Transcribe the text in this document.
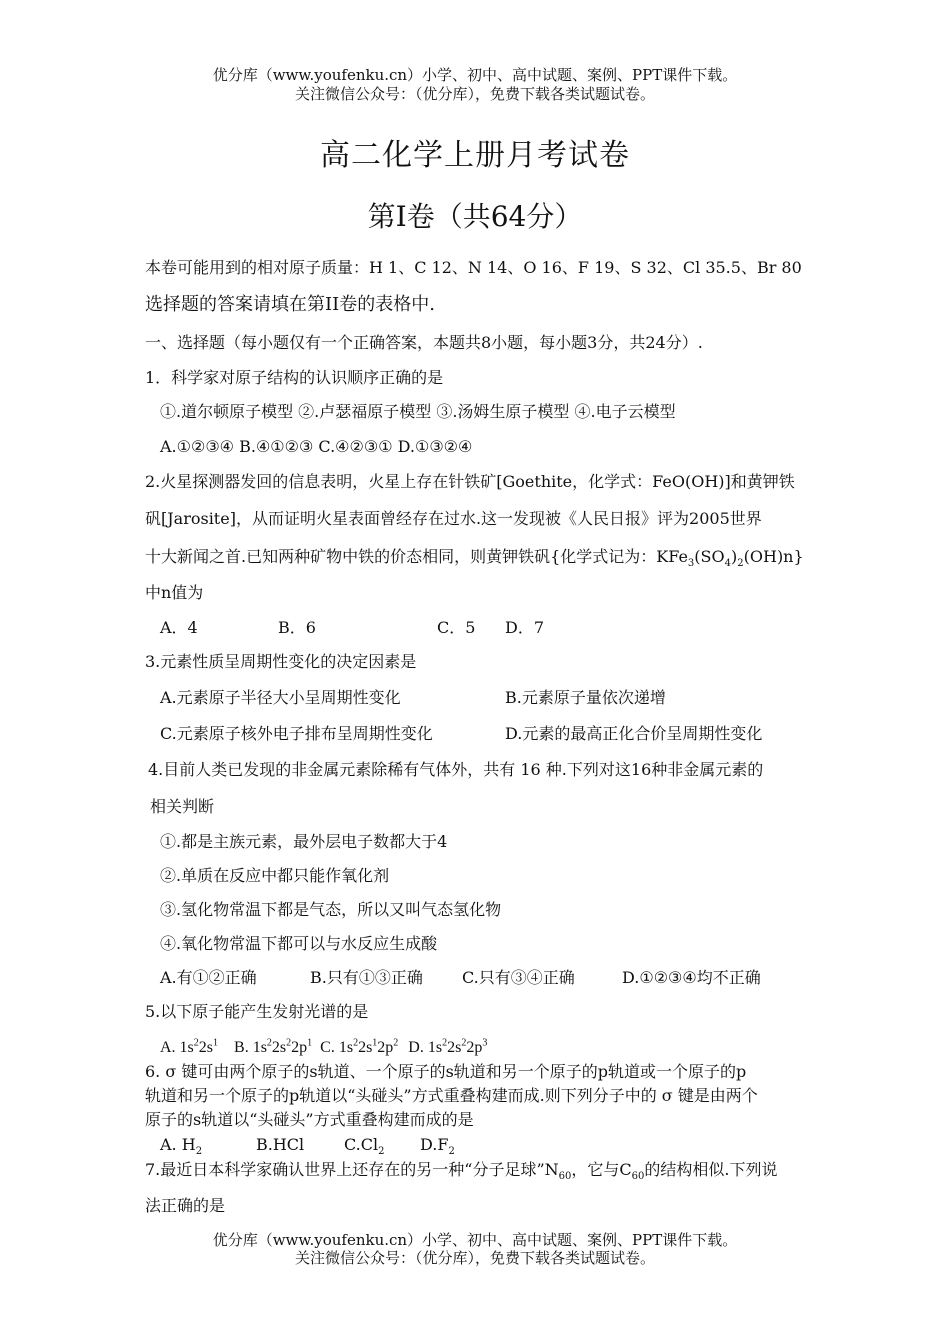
优分库（www.youfenku.cn）小学、初中、高中试题、案例、PPT课件下载。
关注微信公众号：（优分库），免费下载各类试题试卷。
高二化学上册月考试卷
第Ⅰ卷（共64分）
本卷可能用到的相对原子质量：H 1、C 12、N 14、O 16、F 19、S 32、Cl 35.5、Br 80
选择题的答案请填在第II卷的表格中.
一、选择题（每小题仅有一个正确答案，本题共8小题，每小题3分，共24分）.
1．科学家对原子结构的认识顺序正确的是
①.道尔顿原子模型 ②.卢瑟福原子模型 ③.汤姆生原子模型 ④.电子云模型
A.①②③④ B.④①②③ C.④②③① D.①③②④
2.火星探测器发回的信息表明，火星上存在针铁矿[Goethite，化学式：FeO(OH)]和黄钾铁
矾[Jarosite]，从而证明火星表面曾经存在过水.这一发现被《人民日报》评为2005世界
十大新闻之首.已知两种矿物中铁的价态相同，则黄钾铁矾{化学式记为：$KFe_3(SO_4)_2(OH)n$}
中n值为
A．4	B．6	C．5 D．7
3.元素性质呈周期性变化的决定因素是
A.元素原子半径大小呈周期性变化	B.元素原子量依次递增
C.元素原子核外电子排布呈周期性变化	D.元素的最高正化合价呈周期性变化
4.目前人类已发现的非金属元素除稀有气体外，共有 16 种.下列对这16种非金属元素的
相关判断
①.都是主族元素，最外层电子数都大于4
②.单质在反应中都只能作氧化剂
③.氢化物常温下都是气态，所以又叫气态氢化物
④.氧化物常温下都可以与水反应生成酸
A.有①②正确	B.只有①③正确 C.只有③④正确	D.①②③④均不正确
5.以下原子能产生发射光谱的是
A. $1s^22s^1$ B. $1s^22s^22p^1$ C. $1s^22s^12p^2$ D. $1s^22s^22p^3$
6. σ 键可由两个原子的s轨道、一个原子的s轨道和另一个原子的p轨道或一个原子的p
轨道和另一个原子的p轨道以“头碰头”方式重叠构建而成.则下列分子中的 σ 键是由两个
原子的s轨道以“头碰头”方式重叠构建而成的是
A. $H_2$	B.HCl $C.Cl_2$ $D.F_2$
7.最近日本科学家确认世界上还存在的另一种“分子足球$”N_{60}$，它与$C_{60}$的结构相似.下列说
法正确的是
优分库（www.youfenku.cn）小学、初中、高中试题、案例、PPT课件下载。
关注微信公众号：（优分库），免费下载各类试题试卷。
